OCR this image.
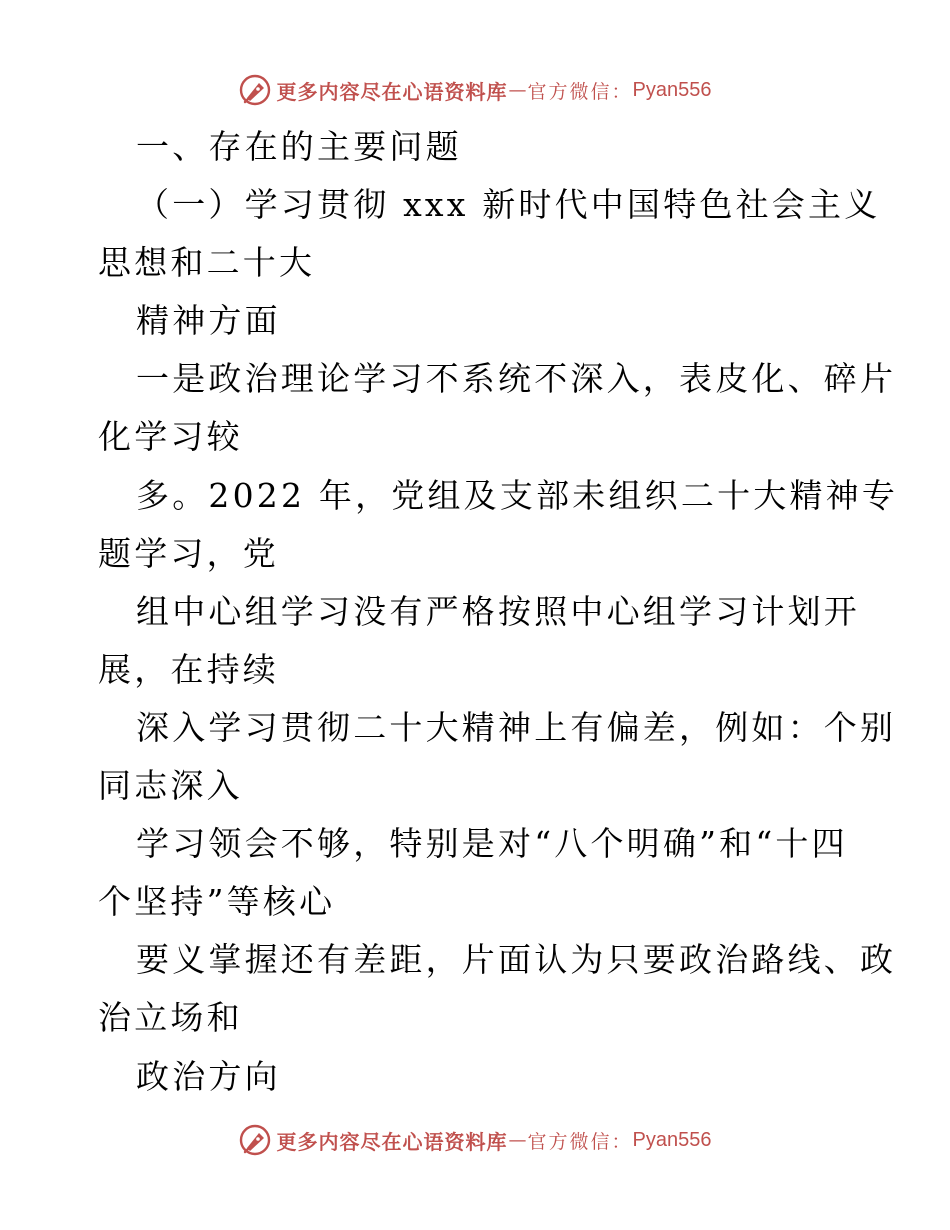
更多内容尽在心语资料库 — 官方微信： Pyan556
一、存在的主要问题
（一）学习贯彻 xxx 新时代中国特色社会主义
思想和二十大
精神方面
一是政治理论学习不系统不深入，表皮化、碎片
化学习较
多。2022 年，党组及支部未组织二十大精神专
题学习，党
组中心组学习没有严格按照中心组学习计划开
展，在持续
深入学习贯彻二十大精神上有偏差，例如：个别
同志深入
学习领会不够，特别是对“八个明确”和“十四
个坚持”等核心
要义掌握还有差距，片面认为只要政治路线、政
治立场和
政治方向
更多内容尽在心语资料库 — 官方微信： Pyan556
